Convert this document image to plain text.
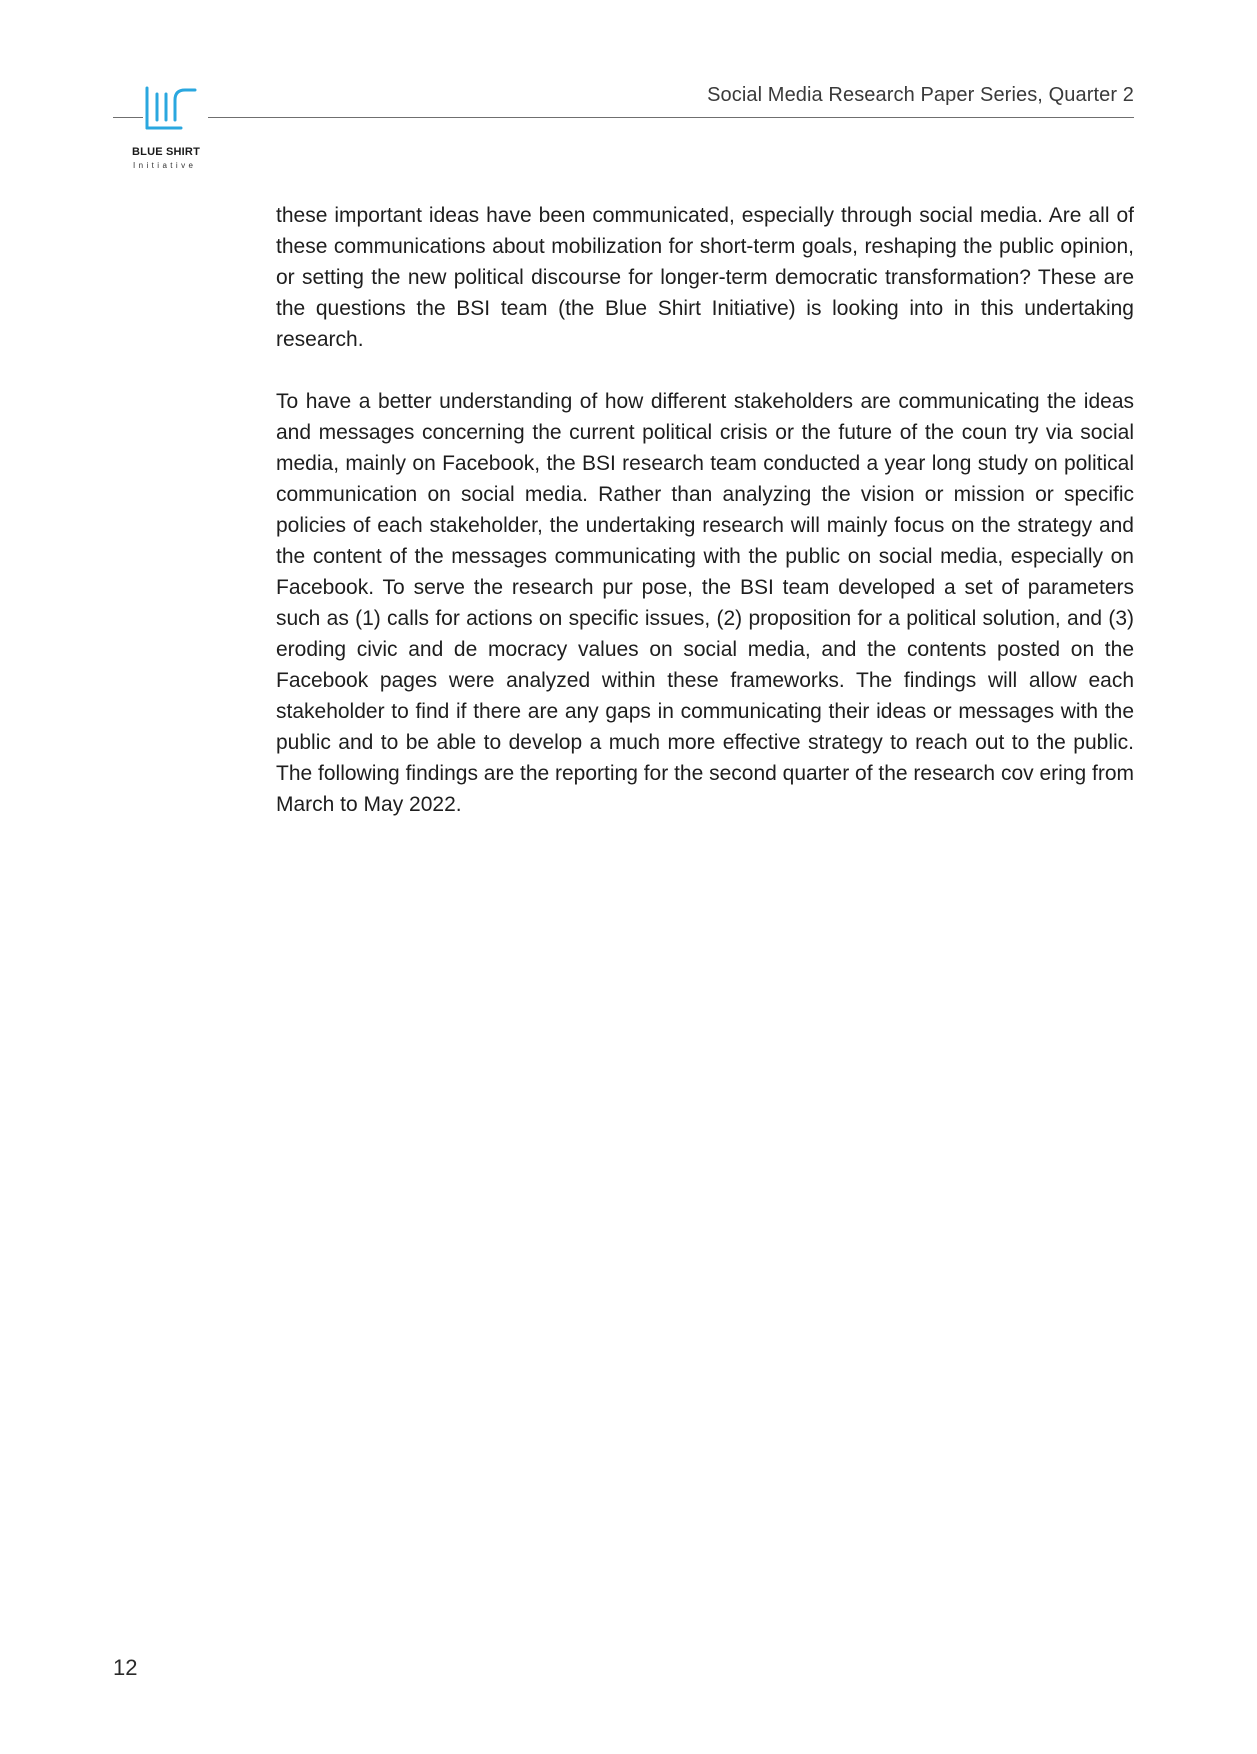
BLUE SHIRT
Initiative
Social Media Research Paper Series, Quarter 2

these important ideas have been communicated, especially through social media. Are all of these communications about mobilization for short-term goals, reshaping the public opinion, or setting the new political discourse for longer-term democratic transformation? These are the questions the BSI team (the Blue Shirt Initiative) is looking into in this undertaking research.

To have a better understanding of how different stakeholders are communicating the ideas and messages concerning the current political crisis or the future of the coun try via social media, mainly on Facebook, the BSI research team conducted a year long study on political communication on social media. Rather than analyzing the vision or mission or specific policies of each stakeholder, the undertaking research will mainly focus on the strategy and the content of the messages communicating with the public on social media, especially on Facebook. To serve the research pur pose, the BSI team developed a set of parameters such as (1) calls for actions on specific issues, (2) proposition for a political solution, and (3) eroding civic and de mocracy values on social media, and the contents posted on the Facebook pages were analyzed within these frameworks. The findings will allow each stakeholder to find if there are any gaps in communicating their ideas or messages with the public and to be able to develop a much more effective strategy to reach out to the public. The following findings are the reporting for the second quarter of the research cov ering from March to May 2022.

12
